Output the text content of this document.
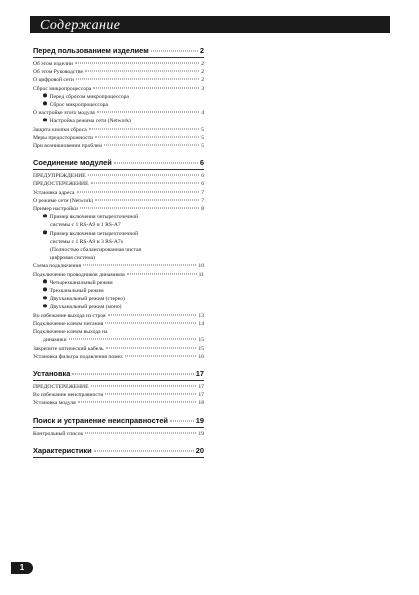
Содержание
Перед пользованием изделием	2
Об этом изделии	2
Об этом Руководстве	2
О цифровой сети	2
Сброс микропроцессора	3
Перед сбросом микропроцессора
Сброс микропроцессора
О настройке этого модуля	4
Настройка режима сети (Network)
Защита кнопки сброса	5
Меры предосторожности	5
При возникновении проблем	5
Соединение модулей	6
ПРЕДУПРЕЖДЕНИЕ	6
ПРЕДОСТЕРЕЖЕНИЕ	6
Установка адреса	7
О режиме сети (Network)	7
Пример настройки	8
Пример включения четырехточечной
системы с 1 RS-A9 и 1 RS-A7
Пример включения четырехточечной
системы с 1 RS-A9 и 3 RS-A7s
(Полностью сбалансированная чистая
цифровая система)
Схема подключения	10
Подключение проводников динамиков	11
Четырехканальный режим
Трехканальный режим
Двухканальный режим (стерео)
Двухканальный режим (моно)
Во избежание выхода из строя	13
Подключение клемм питания	14
Подключение клемм выхода на
динамики	15
Закрепите оптический кабель	15
Установка фильтра подавления помех	16
Установка	17
ПРЕДОСТЕРЕЖЕНИЕ	17
Во избежание неисправности	17
Установка модуля	18
Поиск и устранение неисправностей	19
Контрольный список	19
Характеристики	20
1
